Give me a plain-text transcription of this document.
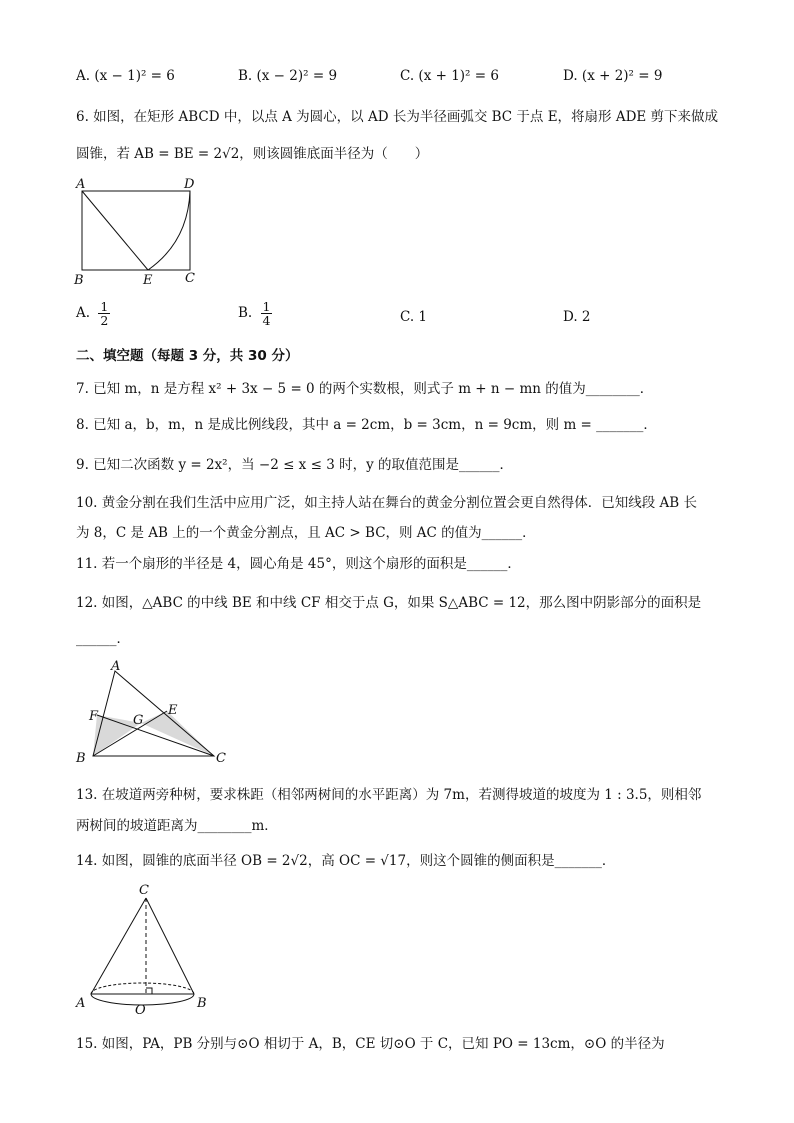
A. (x − 1)² = 6	B. (x − 2)² = 9	C. (x + 1)² = 6	D. (x + 2)² = 9
6. 如图，在矩形 ABCD 中，以点 A 为圆心，以 AD 长为半径画弧交 BC 于点 E，将扇形 ADE 剪下来做成
圆锥，若 AB = BE = 2√2，则该圆锥底面半径为（　　）
A	D
B	E	C
A. $\frac{1}{2}$	B. $\frac{1}{4}$	C. 1	D. 2
二、填空题（每题 3 分，共 30 分）
7. 已知 m，n 是方程 x² + 3x − 5 = 0 的两个实数根，则式子 m + n − mn 的值为________．
8. 已知 a，b，m，n 是成比例线段，其中 a = 2cm，b = 3cm，n = 9cm，则 m = _______．
9. 已知二次函数 y = 2x²，当 −2 ≤ x ≤ 3 时，y 的取值范围是______．
10. 黄金分割在我们生活中应用广泛，如主持人站在舞台的黄金分割位置会更自然得体．已知线段 AB 长
为 8，C 是 AB 上的一个黄金分割点，且 AC > BC，则 AC 的值为______．
11. 若一个扇形的半径是 4，圆心角是 45°，则这个扇形的面积是______．
12. 如图，△ABC 的中线 BE 和中线 CF 相交于点 G，如果 S△ABC = 12，那么图中阴影部分的面积是
______．
A
F	G
E
B	C
13. 在坡道两旁种树，要求株距（相邻两树间的水平距离）为 7m，若测得坡道的坡度为 1 : 3.5，则相邻
两树间的坡道距离为________m．
14. 如图，圆锥的底面半径 OB = 2√2，高 OC = √17，则这个圆锥的侧面积是_______．
C
A	B
O
15. 如图，PA，PB 分别与⊙O 相切于 A，B，CE 切⊙O 于 C，已知 PO = 13cm，⊙O 的半径为
